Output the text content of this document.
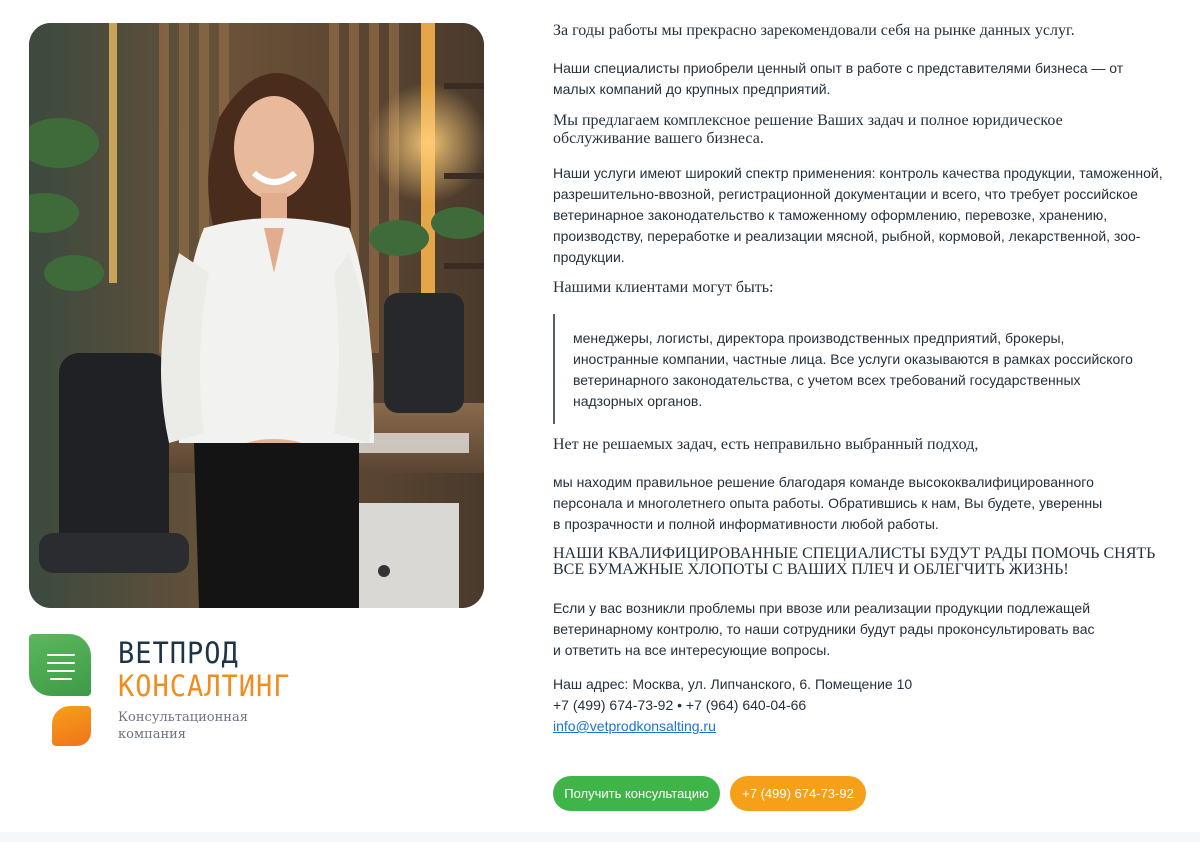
ВЕТПРОД
КОНСАЛТИНГ
Консультационная компания
За годы работы мы прекрасно зарекомендовали себя на рынке данных услуг.
Наши специалисты приобрели ценный опыт в работе с представителями бизнеса — от малых компаний до крупных предприятий.
Мы предлагаем комплексное решение Ваших задач и полное юридическое обслуживание вашего бизнеса.
Наши услуги имеют широкий спектр применения: контроль качества продукции, таможенной, разрешительно-ввозной, регистрационной документации и всего, что требует российское ветеринарное законодательство к таможенному оформлению, перевозке, хранению, производству, переработке и реализации мясной, рыбной, кормовой, лекарственной, зоо-продукции.
Нашими клиентами могут быть:
менеджеры, логисты, директора производственных предприятий, брокеры, иностранные компании, частные лица. Все услуги оказываются в рамках российского ветеринарного законодательства, с учетом всех требований государственных надзорных органов.
Нет не решаемых задач, есть неправильно выбранный подход,
мы находим правильное решение благодаря команде высококвалифицированного
персонала и многолетнего опыта работы. Обратившись к нам, Вы будете, уверенны
в прозрачности и полной информативности любой работы.
НАШИ КВАЛИФИЦИРОВАННЫЕ СПЕЦИАЛИСТЫ БУДУТ РАДЫ ПОМОЧЬ СНЯТЬ ВСЕ БУМАЖНЫЕ ХЛОПОТЫ С ВАШИХ ПЛЕЧ И ОБЛЕГЧИТЬ ЖИЗНЬ!
Если у вас возникли проблемы при ввозе или реализации продукции подлежащей
ветеринарному контролю, то наши сотрудники будут рады проконсультировать вас
и ответить на все интересующие вопросы.
Наш адрес: Москва, ул. Липчанского, 6. Помещение 10
+7 (499) 674-73-92 • +7 (964) 640-04-66
info@vetprodkonsalting.ru
Получить консультацию	+7 (499) 674-73-92
